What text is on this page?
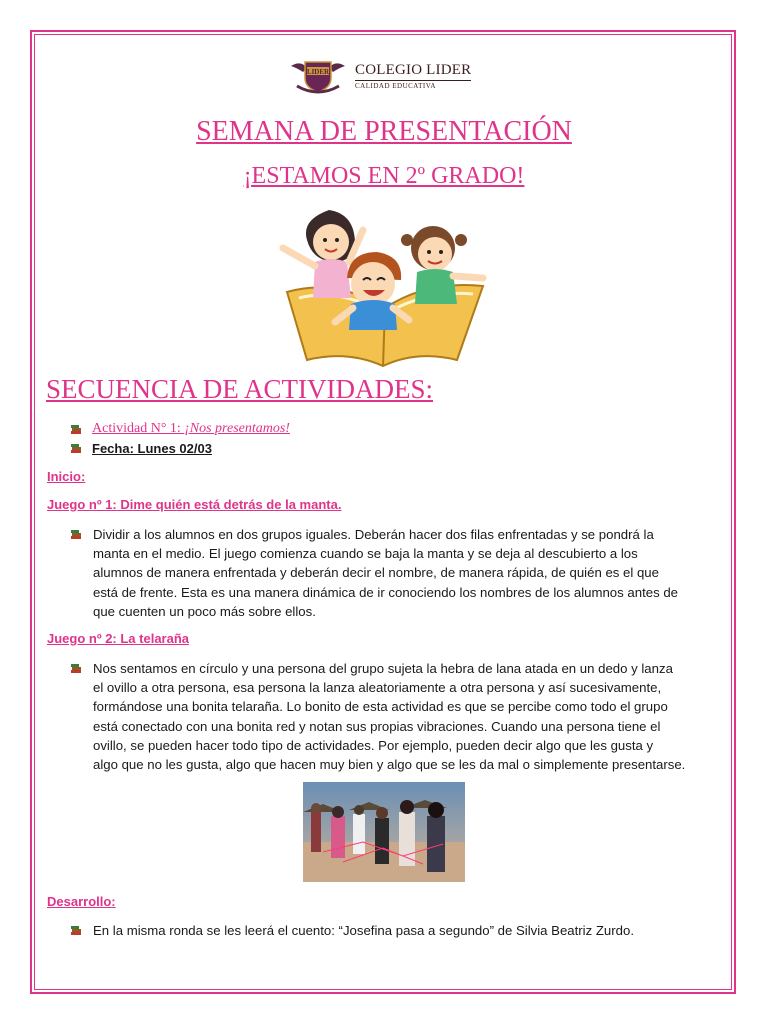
LIDER COLEGIO LIDER
CALIDAD EDUCATIVA
SEMANA DE PRESENTACIÓN
¡ESTAMOS EN 2º GRADO!
SECUENCIA DE ACTIVIDADES:
Actividad N° 1: ¡Nos presentamos!
Fecha: Lunes 02/03
Inicio:
Juego nº 1: Dime quién está detrás de la manta.
Dividir a los alumnos en dos grupos iguales. Deberán hacer dos filas enfrentadas y se pondrá la
manta en el medio. El juego comienza cuando se baja la manta y se deja al descubierto a los
alumnos de manera enfrentada y deberán decir el nombre, de manera rápida, de quién es el que
está de frente. Esta es una manera dinámica de ir conociendo los nombres de los alumnos antes de
que cuenten un poco más sobre ellos.
Juego nº 2: La telaraña
Nos sentamos en círculo y una persona del grupo sujeta la hebra de lana atada en un dedo y lanza
el ovillo a otra persona, esa persona la lanza aleatoriamente a otra persona y así sucesivamente,
formándose una bonita telaraña. Lo bonito de esta actividad es que se percibe como todo el grupo
está conectado con una bonita red y notan sus propias vibraciones. Cuando una persona tiene el
ovillo, se pueden hacer todo tipo de actividades. Por ejemplo, pueden decir algo que les gusta y
algo que no les gusta, algo que hacen muy bien y algo que se les da mal o simplemente presentarse.
Desarrollo:
En la misma ronda se les leerá el cuento: “Josefina pasa a segundo” de Silvia Beatriz Zurdo.
